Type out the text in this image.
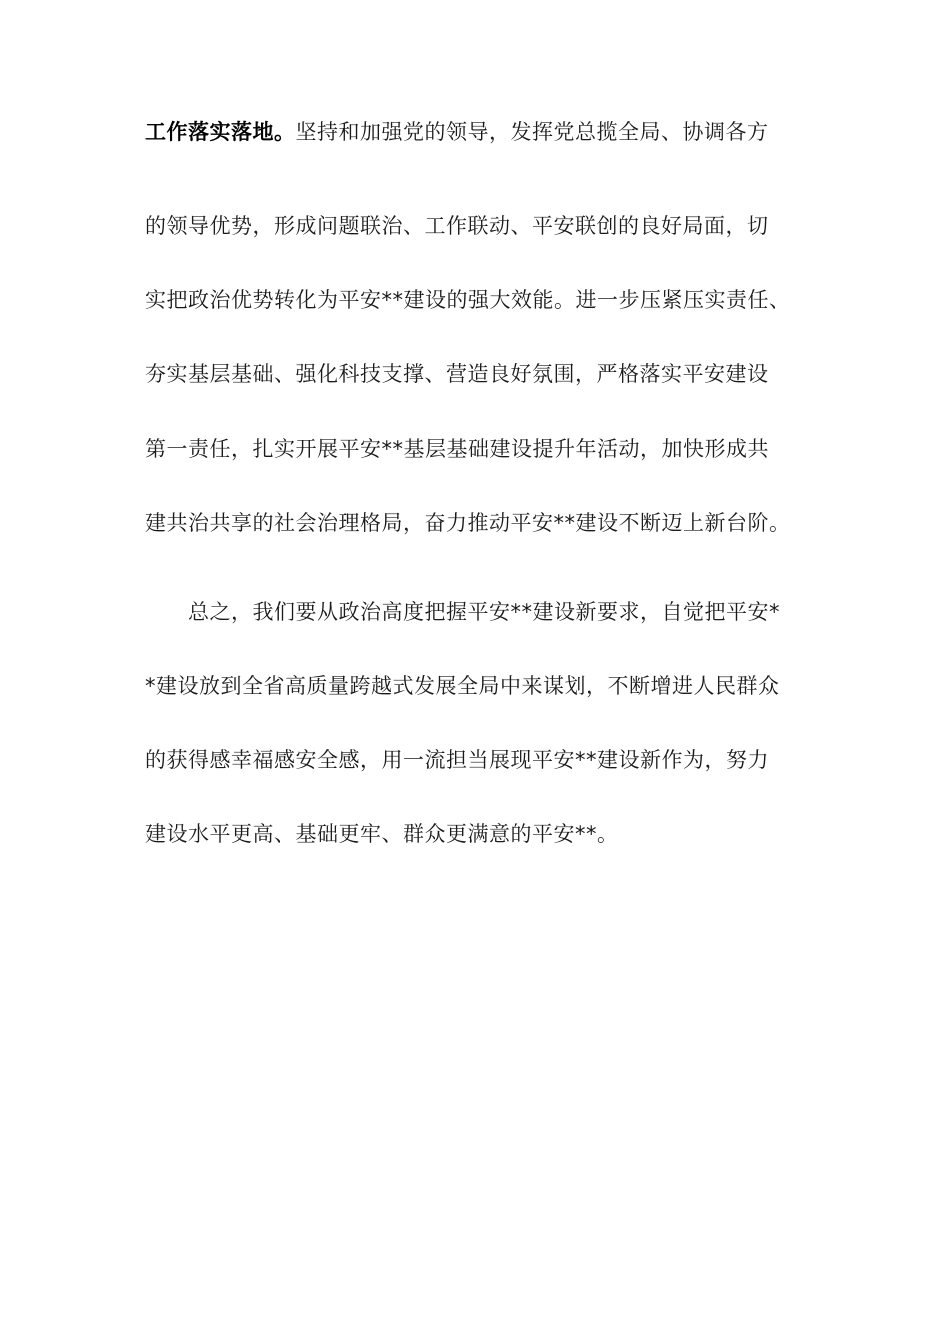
工作落实落地。坚持和加强党的领导，发挥党总揽全局、协调各方
的领导优势，形成问题联治、工作联动、平安联创的良好局面，切
实把政治优势转化为平安**建设的强大效能。进一步压紧压实责任、
夯实基层基础、强化科技支撑、营造良好氛围，严格落实平安建设
第一责任，扎实开展平安**基层基础建设提升年活动，加快形成共
建共治共享的社会治理格局，奋力推动平安**建设不断迈上新台阶。
总之，我们要从政治高度把握平安**建设新要求，自觉把平安*
*建设放到全省高质量跨越式发展全局中来谋划，不断增进人民群众
的获得感幸福感安全感，用一流担当展现平安**建设新作为，努力
建设水平更高、基础更牢、群众更满意的平安**。
